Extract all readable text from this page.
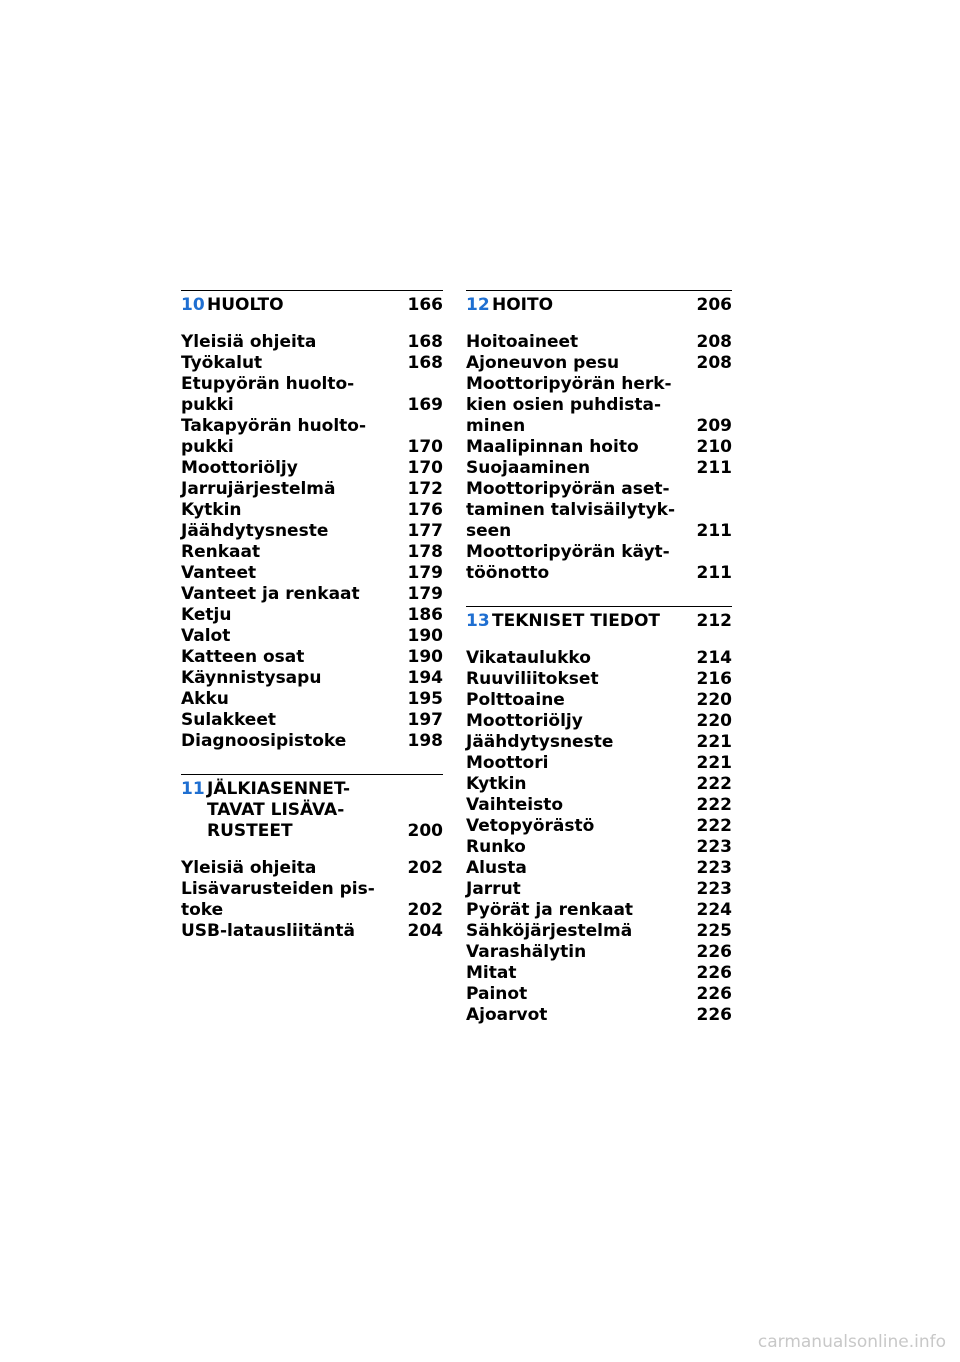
10 HUOLTO	166
Yleisiä ohjeita	168
Työkalut	168
Etupyörän huolto-
pukki	169
Takapyörän huolto-
pukki	170
Moottoriöljy	170
Jarrujärjestelmä	172
Kytkin	176
Jäähdytysneste	177
Renkaat	178
Vanteet	179
Vanteet ja renkaat	179
Ketju	186
Valot	190
Katteen osat	190
Käynnistysapu	194
Akku	195
Sulakkeet	197
Diagnoosipistoke	198
11 JÄLKIASENNET-
TAVAT LISÄVA-
RUSTEET	200
Yleisiä ohjeita	202
Lisävarusteiden pis-
toke	202
USB-latausliitäntä	204
12 HOITO	206
Hoitoaineet	208
Ajoneuvon pesu	208
Moottoripyörän herk-
kien osien puhdista-
minen	209
Maalipinnan hoito	210
Suojaaminen	211
Moottoripyörän aset-
taminen talvisäilytyk-
seen	211
Moottoripyörän käyt-
töönotto	211
13 TEKNISET TIEDOT	212
Vikataulukko	214
Ruuviliitokset	216
Polttoaine	220
Moottoriöljy	220
Jäähdytysneste	221
Moottori	221
Kytkin	222
Vaihteisto	222
Vetopyörästö	222
Runko	223
Alusta	223
Jarrut	223
Pyörät ja renkaat	224
Sähköjärjestelmä	225
Varashälytin	226
Mitat	226
Painot	226
Ajoarvot	226
carmanualsonline.info
